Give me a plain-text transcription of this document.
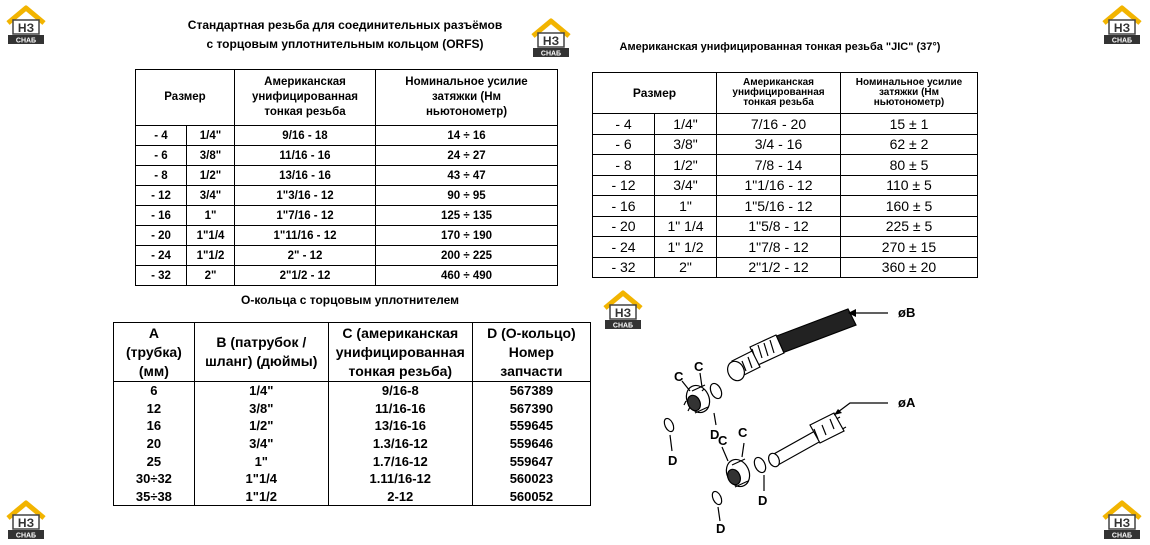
Стандартная резьба для соединительных разъёмов
с торцовым уплотнительным кольцом (ORFS)
Размер		Американская унифицированная тонкая резьба	Номинальное усилие затяжки (Нм ньютонометр)
- 4	1/4"	9/16 - 18	14 ÷ 16
- 6	3/8"	11/16 - 16	24 ÷ 27
- 8	1/2"	13/16 - 16	43 ÷ 47
- 12	3/4"	1"3/16 - 12	90 ÷ 95
- 16	1"	1"7/16 - 12	125 ÷ 135
- 20	1"1/4	1"11/16 - 12	170 ÷ 190
- 24	1"1/2	2" - 12	200 ÷ 225
- 32	2"	2"1/2 - 12	460 ÷ 490
Американская унифицированная тонкая резьба "JIC" (37°)
Размер		Американская унифицированная тонкая резьба	Номинальное усилие затяжки (Нм ньютонометр)
- 4	1/4"	7/16 - 20	15 ± 1
- 6	3/8"	3/4 - 16	62 ± 2
- 8	1/2"	7/8 - 14	80 ± 5
- 12	3/4"	1"1/16 - 12	110 ± 5
- 16	1"	1"5/16 - 12	160 ± 5
- 20	1" 1/4	1"5/8 - 12	225 ± 5
- 24	1" 1/2	1"7/8 - 12	270 ± 15
- 32	2"	2"1/2 - 12	360 ± 20
О-кольца с торцовым уплотнителем
A (трубка) (мм)	B (патрубок / шланг) (дюймы)	C (американская унифицированная тонкая резьба)	D (О-кольцо) Номер запчасти
6	1/4"	9/16-8	567389
12	3/8"	11/16-16	567390
16	1/2"	13/16-16	559645
20	3/4"	1.3/16-12	559646
25	1"	1.7/16-12	559647
30÷32	1"1/4	1.11/16-12	560023
35÷38	1"1/2	2-12	560052
НЗ
СНАБ	НЗ
СНАБ
НЗ
СНАБ
НЗ
СНАБ
НЗ
СНАБ
НЗ
СНАБ
øB
øA
C
C
D
D
C
C
D
D
